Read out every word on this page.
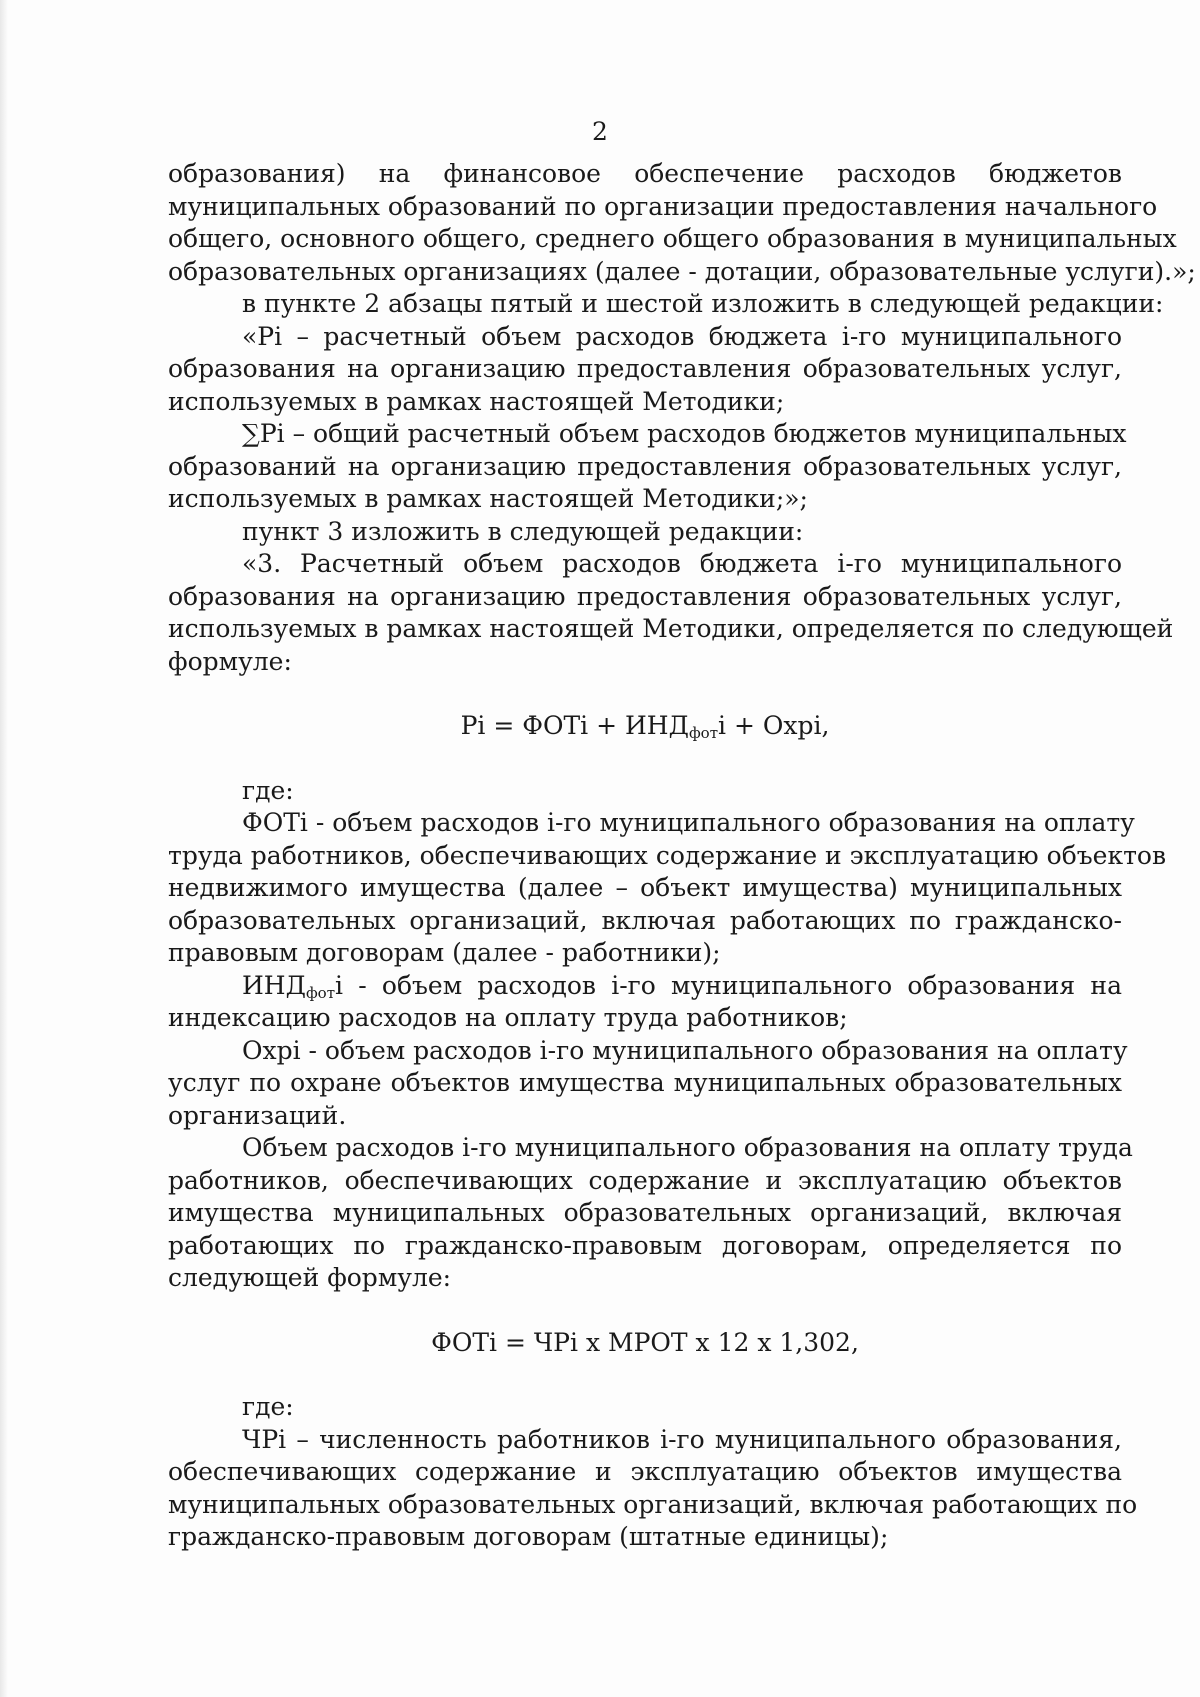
2
образования) на финансовое обеспечение расходов бюджетов
муниципальных образований по организации предоставления начального
общего, основного общего, среднего общего образования в муниципальных
образовательных организациях (далее - дотации, образовательные услуги).»;
в пункте 2 абзацы пятый и шестой изложить в следующей редакции:
«Pi – расчетный объем расходов бюджета i-го муниципального
образования на организацию предоставления образовательных услуг,
используемых в рамках настоящей Методики;
∑Pi – общий расчетный объем расходов бюджетов муниципальных
образований на организацию предоставления образовательных услуг,
используемых в рамках настоящей Методики;»;
пункт 3 изложить в следующей редакции:
«3. Расчетный объем расходов бюджета i-го муниципального
образования на организацию предоставления образовательных услуг,
используемых в рамках настоящей Методики, определяется по следующей
формуле:
Pi = ФОТi + $ИНД_{фот}i$ + Охрi,
где:
ФОТi - объем расходов i-го муниципального образования на оплату
труда работников, обеспечивающих содержание и эксплуатацию объектов
недвижимого имущества (далее – объект имущества) муниципальных
образовательных организаций, включая работающих по гражданско-
правовым договорам (далее - работники);
$ИНД_{фот}i$ - объем расходов i-го муниципального образования на
индексацию расходов на оплату труда работников;
Охрi - объем расходов i-го муниципального образования на оплату
услуг по охране объектов имущества муниципальных образовательных
организаций.
Объем расходов i-го муниципального образования на оплату труда
работников, обеспечивающих содержание и эксплуатацию объектов
имущества муниципальных образовательных организаций, включая
работающих по гражданско-правовым договорам, определяется по
следующей формуле:
ФОТi = ЧРi х МРОТ х 12 х 1,302,
где:
ЧРi – численность работников i-го муниципального образования,
обеспечивающих содержание и эксплуатацию объектов имущества
муниципальных образовательных организаций, включая работающих по
гражданско-правовым договорам (штатные единицы);
